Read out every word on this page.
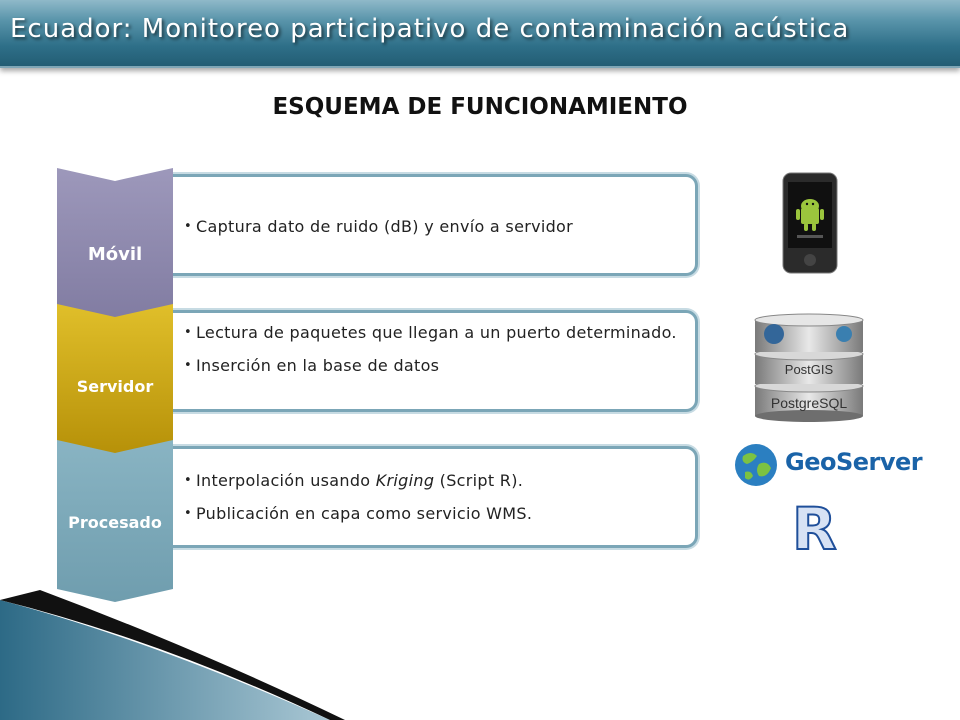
Ecuador: Monitoreo participativo de contaminación acústica
ESQUEMA DE FUNCIONAMIENTO
• Captura dato de ruido (dB) y envío a servidor
Móvil
• Lectura de paquetes que llegan a un puerto determinado.
• Inserción en la base de datos
Servidor
• Interpolación usando Kriging (Script R).
• Publicación en capa como servicio WMS.
Procesado
PostGIS
PostgreSQL
GeoServer
R
